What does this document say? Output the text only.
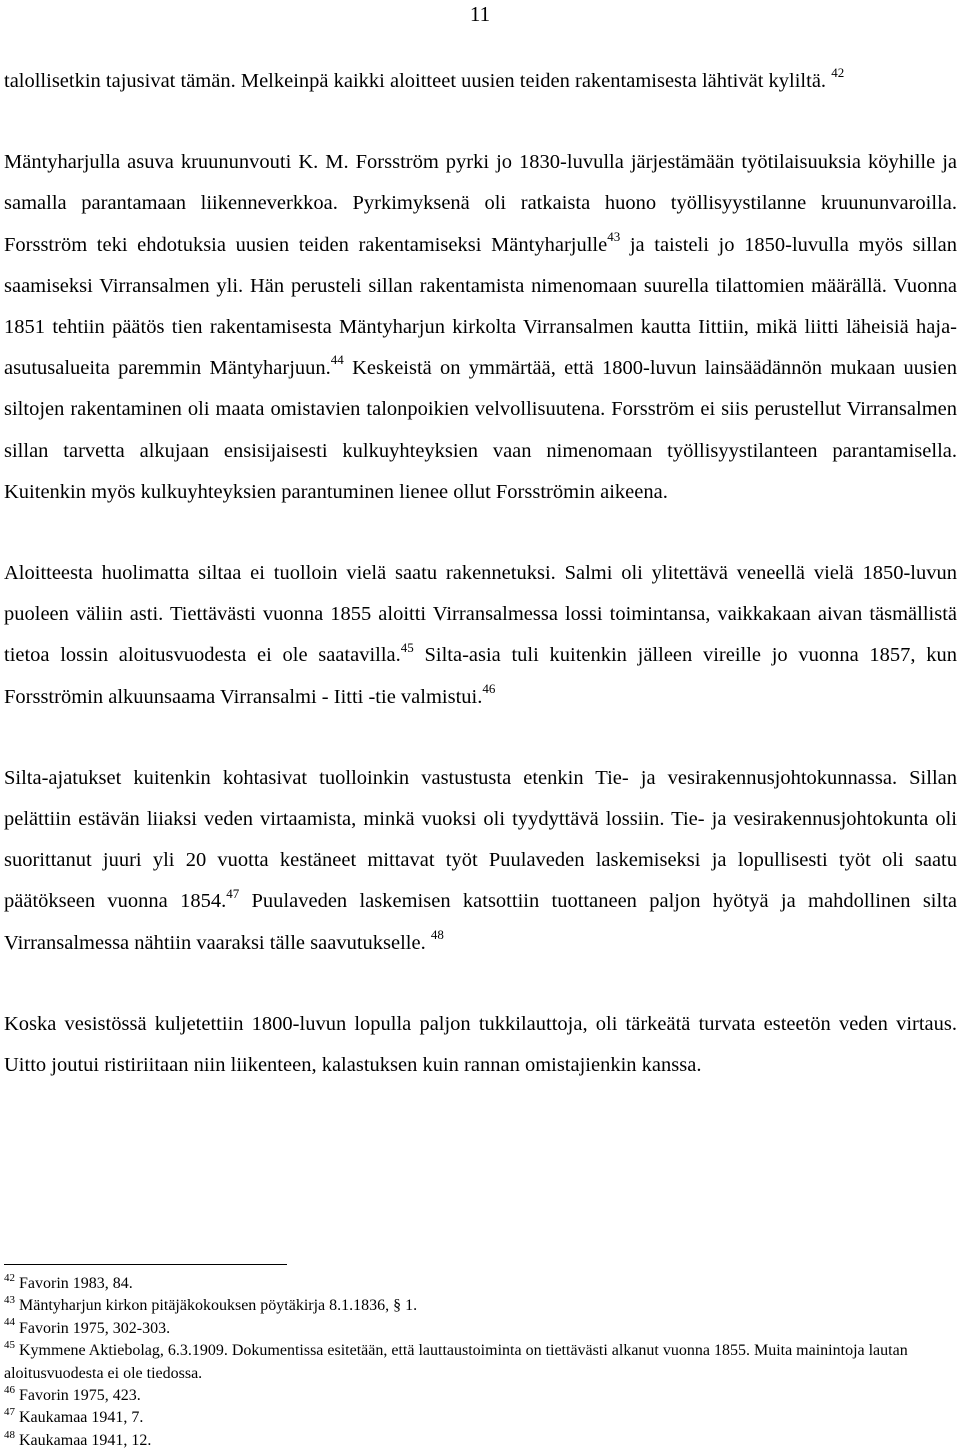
11

talollisetkin tajusivat tämän. Melkeinpä kaikki aloitteet uusien teiden rakentamisesta lähtivät kyliltä. $^{42}$

Mäntyharjulla asuva kruununvouti K. M. Forsström pyrki jo 1830-luvulla järjestämään työtilaisuuksia köyhille ja samalla parantamaan liikenneverkkoa. Pyrkimyksenä oli ratkaista huono työllisyystilanne kruununvaroilla. Forsström teki ehdotuksia uusien teiden rakentamiseksi Mäntyharjulle$^{43}$ ja taisteli jo 1850-luvulla myös sillan saamiseksi Virransalmen yli. Hän perusteli sillan rakentamista nimenomaan suurella tilattomien määrällä. Vuonna 1851 tehtiin päätös tien rakentamisesta Mäntyharjun kirkolta Virransalmen kautta Iittiin, mikä liitti läheisiä haja-asutusalueita paremmin Mäntyharjuun.$^{44}$ Keskeistä on ymmärtää, että 1800-luvun lainsäädännön mukaan uusien siltojen rakentaminen oli maata omistavien talonpoikien velvollisuutena. Forsström ei siis perustellut Virransalmen sillan tarvetta alkujaan ensisijaisesti kulkuyhteyksien vaan nimenomaan työllisyystilanteen parantamisella. Kuitenkin myös kulkuyhteyksien parantuminen lienee ollut Forsströmin aikeena.

Aloitteesta huolimatta siltaa ei tuolloin vielä saatu rakennetuksi. Salmi oli ylitettävä veneellä vielä 1850-luvun puoleen väliin asti. Tiettävästi vuonna 1855 aloitti Virransalmessa lossi toimintansa, vaikkakaan aivan täsmällistä tietoa lossin aloitusvuodesta ei ole saatavilla.$^{45}$ Silta-asia tuli kuitenkin jälleen vireille jo vuonna 1857, kun Forsströmin alkuunsaama Virransalmi - Iitti -tie valmistui.$^{46}$

Silta-ajatukset kuitenkin kohtasivat tuolloinkin vastustusta etenkin Tie- ja vesirakennusjohtokunnassa. Sillan pelättiin estävän liiaksi veden virtaamista, minkä vuoksi oli tyydyttävä lossiin. Tie- ja vesirakennusjohtokunta oli suorittanut juuri yli 20 vuotta kestäneet mittavat työt Puulaveden laskemiseksi ja lopullisesti työt oli saatu päätökseen vuonna 1854.47 Puulaveden laskemisen katsottiin tuottaneen paljon hyötyä ja mahdollinen silta Virransalmessa nähtiin vaaraksi tälle saavutukselle. $^{48}$

Koska vesistössä kuljetettiin 1800-luvun lopulla paljon tukkilauttoja, oli tärkeätä turvata esteetön veden virtaus. Uitto joutui ristiriitaan niin liikenteen, kalastuksen kuin rannan omistajienkin kanssa.

$^{42}$ Favorin 1983, 84.

$^{43}$ Mäntyharjun kirkon pitäjäkokouksen pöytäkirja 8.1.1836, § 1.

$^{44}$ Favorin 1975, 302-303.

$^{45}$ Kymmene Aktiebolag, 6.3.1909. Dokumentissa esitetään, että lauttaustoiminta on tiettävästi alkanut vuonna 1855. Muita mainintoja lautan aloitusvuodesta ei ole tiedossa.

$^{46}$ Favorin 1975, 423.

$^{47}$ Kaukamaa 1941, 7.

$^{48}$ Kaukamaa 1941, 12.
